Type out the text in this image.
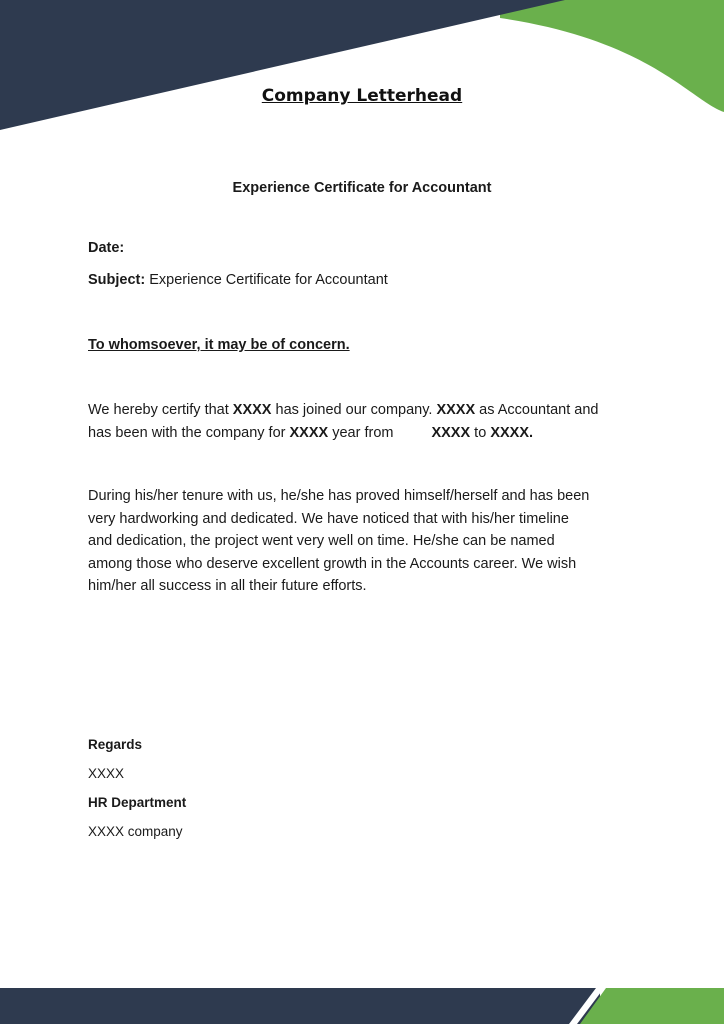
Company Letterhead
Experience Certificate for Accountant
Date:
Subject: Experience Certificate for Accountant
To whomsoever, it may be of concern.
We hereby certify that XXXX has joined our company. XXXX as Accountant and
has been with the company for XXXX year from	XXXX to XXXX.
During his/her tenure with us, he/she has proved himself/herself and has been
very hardworking and dedicated. We have noticed that with his/her timeline
and dedication, the project went very well on time. He/she can be named
among those who deserve excellent growth in the Accounts career. We wish
him/her all success in all their future efforts.
Regards
XXXX
HR Department
XXXX company
